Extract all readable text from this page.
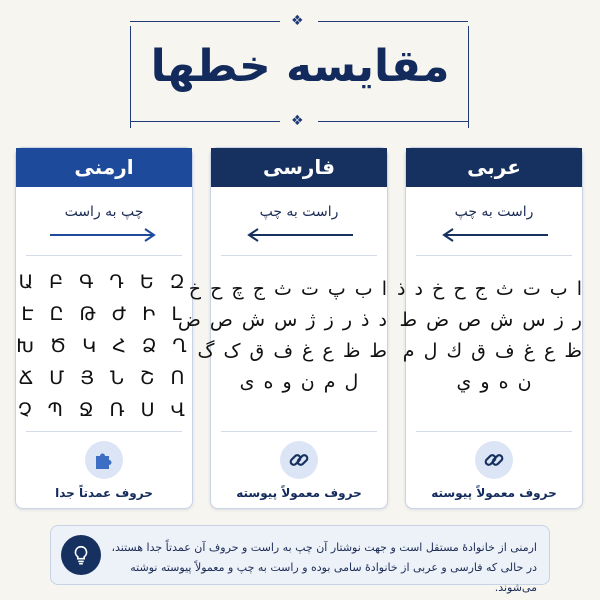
❖
❖
مقایسه خطها
ارمنی
چپ به راست
Ա Բ Գ Դ Ե Զ
Է Ը Թ Ժ Ի Լ
Խ Ծ Կ Հ Ձ Ղ
Ճ Մ Յ Ն Շ Ո
Չ Պ Ջ Ռ Ս Վ
حروف عمدتاً جدا
فارسی
راست به چپ
ا ب پ ت ث ج چ ح خ
د ذ ر ز ژ س ش ص ض
ط ظ ع غ ف ق ک گ
ل م ن و ه ی
حروف معمولاً پیوسته
عربی
راست به چپ
ا ب ت ث ج ح خ د ذ
ر ز س ش ص ض ط
ظ ع غ ف ق ك ل م
ن ه و ي
حروف معمولاً پیوسته
ارمنی از خانوادهٔ مستقل است و جهت نوشتار آن چپ به راست و حروف آن عمدتاً جدا هستند،
در حالی که فارسی و عربی از خانوادهٔ سامی بوده و راست به چپ و معمولاً پیوسته نوشته می‌شوند.
